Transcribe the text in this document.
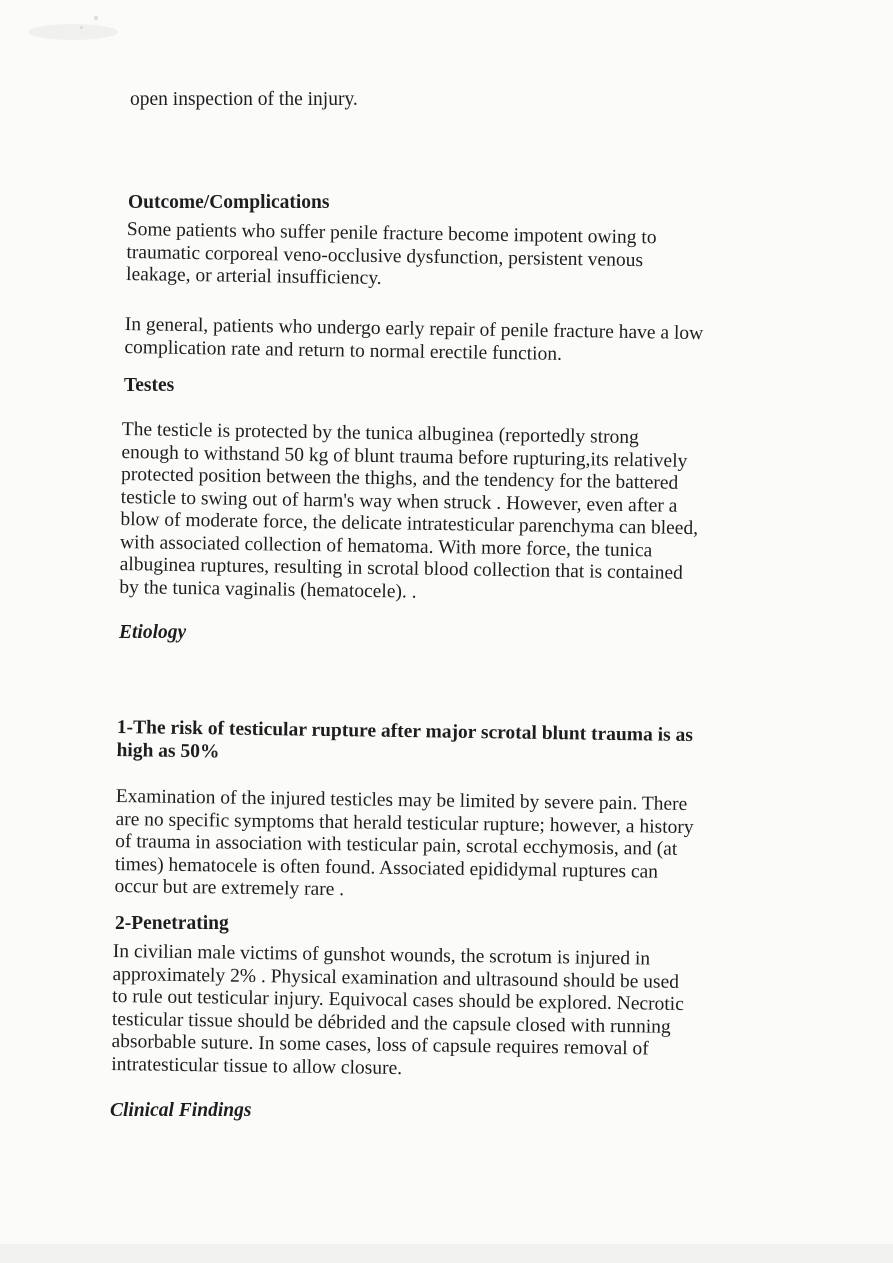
open inspection of the injury.
Outcome/Complications
Some patients who suffer penile fracture become impotent owing to
traumatic corporeal veno-occlusive dysfunction, persistent venous
leakage, or arterial insufficiency.
In general, patients who undergo early repair of penile fracture have a low
complication rate and return to normal erectile function.
Testes
The testicle is protected by the tunica albuginea (reportedly strong
enough to withstand 50 kg of blunt trauma before rupturing,its relatively
protected position between the thighs, and the tendency for the battered
testicle to swing out of harm's way when struck . However, even after a
blow of moderate force, the delicate intratesticular parenchyma can bleed,
with associated collection of hematoma. With more force, the tunica
albuginea ruptures, resulting in scrotal blood collection that is contained
by the tunica vaginalis (hematocele). .
Etiology
1-The risk of testicular rupture after major scrotal blunt trauma is as
high as 50%
Examination of the injured testicles may be limited by severe pain. There
are no specific symptoms that herald testicular rupture; however, a history
of trauma in association with testicular pain, scrotal ecchymosis, and (at
times) hematocele is often found. Associated epididymal ruptures can
occur but are extremely rare .
2-Penetrating
In civilian male victims of gunshot wounds, the scrotum is injured in
approximately 2% . Physical examination and ultrasound should be used
to rule out testicular injury. Equivocal cases should be explored. Necrotic
testicular tissue should be débrided and the capsule closed with running
absorbable suture. In some cases, loss of capsule requires removal of
intratesticular tissue to allow closure.
Clinical Findings
